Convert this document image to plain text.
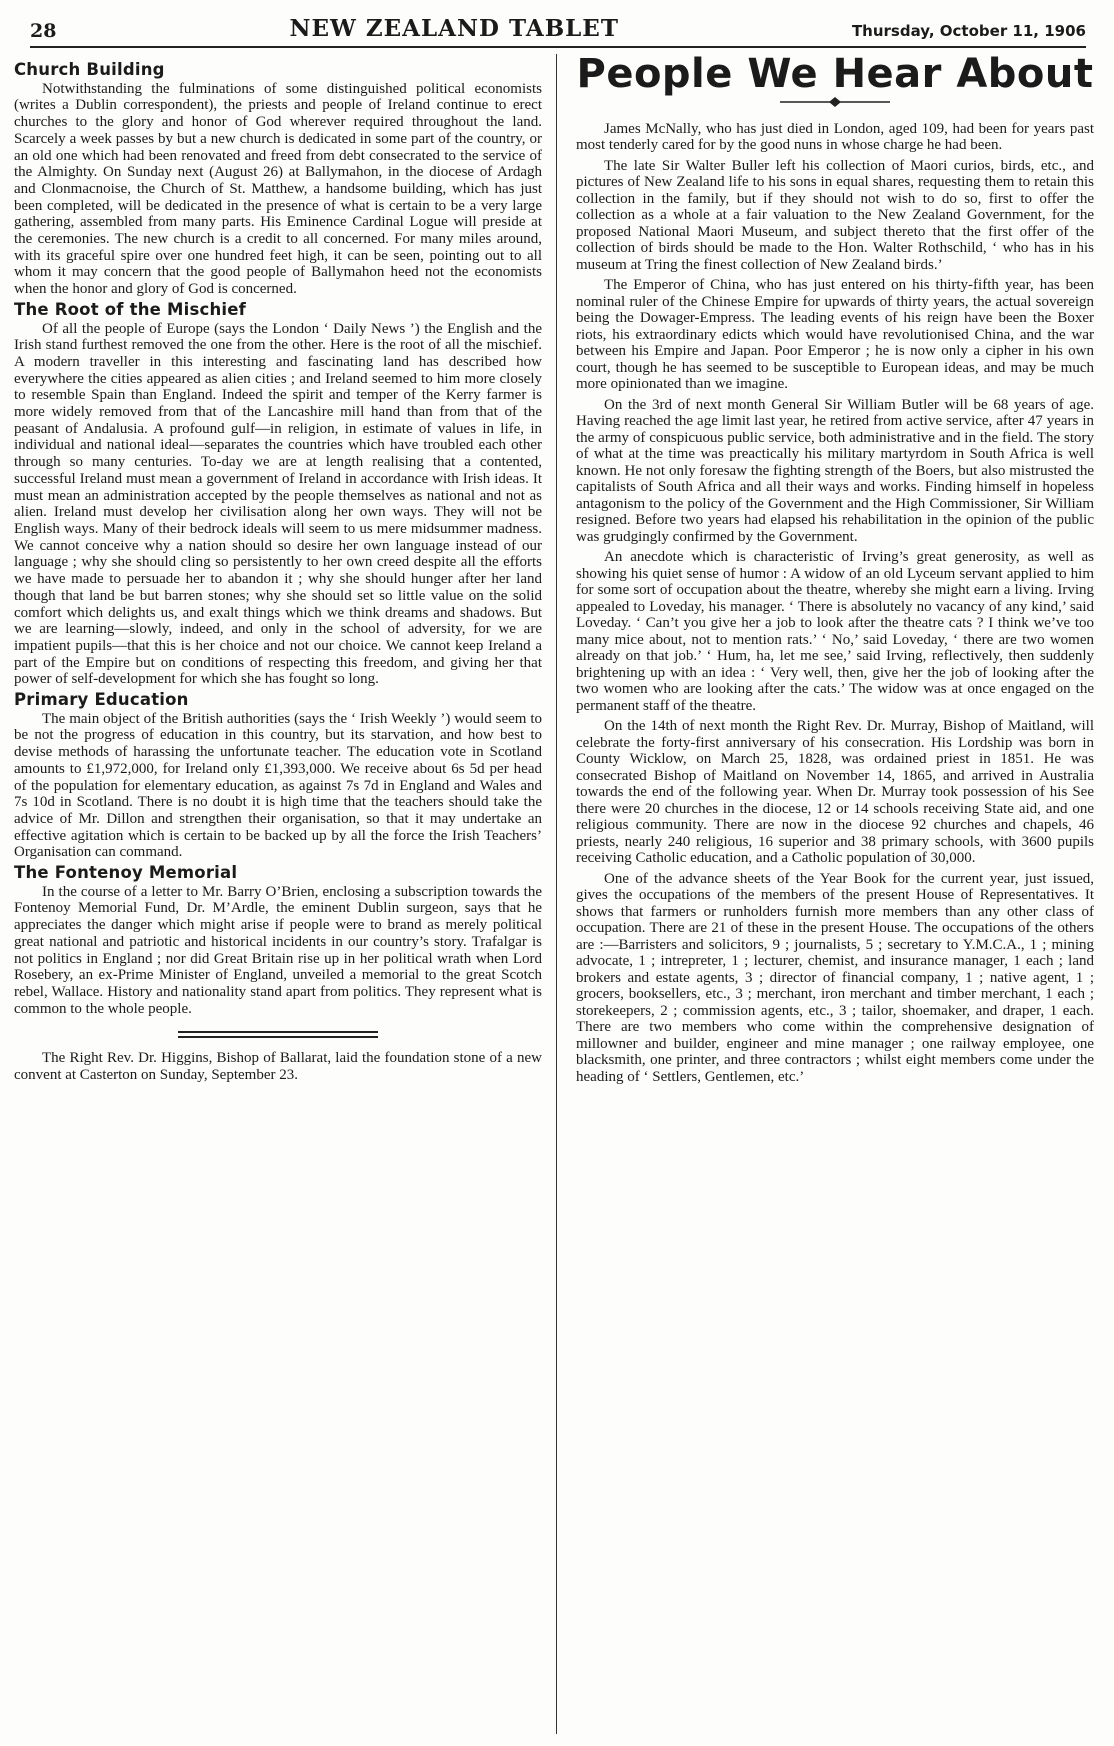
28	NEW ZEALAND TABLET	Thursday, October 11, 1906
Church Building

Notwithstanding the fulminations of some distinguished political economists (writes a Dublin correspondent), the priests and people of Ireland continue to erect churches to the glory and honor of God wherever required throughout the land. Scarcely a week passes by but a new church is dedicated in some part of the country, or an old one which had been renovated and freed from debt consecrated to the service of the Almighty. On Sunday next (August 26) at Ballymahon, in the diocese of Ardagh and Clonmacnoise, the Church of St. Matthew, a handsome building, which has just been completed, will be dedicated in the presence of what is certain to be a very large gathering, assembled from many parts. His Eminence Cardinal Logue will preside at the ceremonies. The new church is a credit to all concerned. For many miles around, with its graceful spire over one hundred feet high, it can be seen, pointing out to all whom it may concern that the good people of Ballymahon heed not the economists when the honor and glory of God is concerned.

The Root of the Mischief

Of all the people of Europe (says the London ‘ Daily News ’) the English and the Irish stand furthest removed the one from the other. Here is the root of all the mischief. A modern traveller in this interesting and fascinating land has described how everywhere the cities appeared as alien cities ; and Ireland seemed to him more closely to resemble Spain than England. Indeed the spirit and temper of the Kerry farmer is more widely removed from that of the Lancashire mill hand than from that of the peasant of Andalusia. A profound gulf—in religion, in estimate of values in life, in individual and national ideal—separates the countries which have troubled each other through so many centuries. To-day we are at length realising that a contented, successful Ireland must mean a government of Ireland in accordance with Irish ideas. It must mean an administration accepted by the people themselves as national and not as alien. Ireland must develop her civilisation along her own ways. They will not be English ways. Many of their bedrock ideals will seem to us mere midsummer madness. We cannot conceive why a nation should so desire her own language instead of our language ; why she should cling so persistently to her own creed despite all the efforts we have made to persuade her to abandon it ; why she should hunger after her land though that land be but barren stones; why she should set so little value on the solid comfort which delights us, and exalt things which we think dreams and shadows. But we are learning—slowly, indeed, and only in the school of adversity, for we are impatient pupils—that this is her choice and not our choice. We cannot keep Ireland a part of the Empire but on conditions of respecting this freedom, and giving her that power of self-development for which she has fought so long.

Primary Education

The main object of the British authorities (says the ‘ Irish Weekly ’) would seem to be not the progress of education in this country, but its starvation, and how best to devise methods of harassing the unfortunate teacher. The education vote in Scotland amounts to £1,972,000, for Ireland only £1,393,000. We receive about 6s 5d per head of the population for elementary education, as against 7s 7d in England and Wales and 7s 10d in Scotland. There is no doubt it is high time that the teachers should take the advice of Mr. Dillon and strengthen their organisation, so that it may undertake an effective agitation which is certain to be backed up by all the force the Irish Teachers’ Organisation can command.

The Fontenoy Memorial

In the course of a letter to Mr. Barry O’Brien, enclosing a subscription towards the Fontenoy Memorial Fund, Dr. M’Ardle, the eminent Dublin surgeon, says that he appreciates the danger which might arise if people were to brand as merely political great national and patriotic and historical incidents in our country’s story. Trafalgar is not politics in England ; nor did Great Britain rise up in her political wrath when Lord Rosebery, an ex-Prime Minister of England, unveiled a memorial to the great Scotch rebel, Wallace. History and nationality stand apart from politics. They represent what is common to the whole people.

The Right Rev. Dr. Higgins, Bishop of Ballarat, laid the foundation stone of a new convent at Casterton on Sunday, September 23.

People We Hear About

James McNally, who has just died in London, aged 109, had been for years past most tenderly cared for by the good nuns in whose charge he had been.

The late Sir Walter Buller left his collection of Maori curios, birds, etc., and pictures of New Zealand life to his sons in equal shares, requesting them to retain this collection in the family, but if they should not wish to do so, first to offer the collection as a whole at a fair valuation to the New Zealand Government, for the proposed National Maori Museum, and subject thereto that the first offer of the collection of birds should be made to the Hon. Walter Rothschild, ‘ who has in his museum at Tring the finest collection of New Zealand birds.’

The Emperor of China, who has just entered on his thirty-fifth year, has been nominal ruler of the Chinese Empire for upwards of thirty years, the actual sovereign being the Dowager-Empress. The leading events of his reign have been the Boxer riots, his extraordinary edicts which would have revolutionised China, and the war between his Empire and Japan. Poor Emperor ; he is now only a cipher in his own court, though he has seemed to be susceptible to European ideas, and may be much more opinionated than we imagine.

On the 3rd of next month General Sir William Butler will be 68 years of age. Having reached the age limit last year, he retired from active service, after 47 years in the army of conspicuous public service, both administrative and in the field. The story of what at the time was preactically his military martyrdom in South Africa is well known. He not only foresaw the fighting strength of the Boers, but also mistrusted the capitalists of South Africa and all their ways and works. Finding himself in hopeless antagonism to the policy of the Government and the High Commissioner, Sir William resigned. Before two years had elapsed his rehabilitation in the opinion of the public was grudgingly confirmed by the Government.

An anecdote which is characteristic of Irving’s great generosity, as well as showing his quiet sense of humor : A widow of an old Lyceum servant applied to him for some sort of occupation about the theatre, whereby she might earn a living. Irving appealed to Loveday, his manager. ‘ There is absolutely no vacancy of any kind,’ said Loveday. ‘ Can’t you give her a job to look after the theatre cats ? I think we’ve too many mice about, not to mention rats.’ ‘ No,’ said Loveday, ‘ there are two women already on that job.’ ‘ Hum, ha, let me see,’ said Irving, reflectively, then suddenly brightening up with an idea : ‘ Very well, then, give her the job of looking after the two women who are looking after the cats.’ The widow was at once engaged on the permanent staff of the theatre.

On the 14th of next month the Right Rev. Dr. Murray, Bishop of Maitland, will celebrate the forty-first anniversary of his consecration. His Lordship was born in County Wicklow, on March 25, 1828, was ordained priest in 1851. He was consecrated Bishop of Maitland on November 14, 1865, and arrived in Australia towards the end of the following year. When Dr. Murray took possession of his See there were 20 churches in the diocese, 12 or 14 schools receiving State aid, and one religious community. There are now in the diocese 92 churches and chapels, 46 priests, nearly 240 religious, 16 superior and 38 primary schools, with 3600 pupils receiving Catholic education, and a Catholic population of 30,000.

One of the advance sheets of the Year Book for the current year, just issued, gives the occupations of the members of the present House of Representatives. It shows that farmers or runholders furnish more members than any other class of occupation. There are 21 of these in the present House. The occupations of the others are :—Barristers and solicitors, 9 ; journalists, 5 ; secretary to Y.M.C.A., 1 ; mining advocate, 1 ; intrepreter, 1 ; lecturer, chemist, and insurance manager, 1 each ; land brokers and estate agents, 3 ; director of financial company, 1 ; native agent, 1 ; grocers, booksellers, etc., 3 ; merchant, iron merchant and timber merchant, 1 each ; storekeepers, 2 ; commission agents, etc., 3 ; tailor, shoemaker, and draper, 1 each. There are two members who come within the comprehensive designation of millowner and builder, engineer and mine manager ; one railway employee, one blacksmith, one printer, and three contractors ; whilst eight members come under the heading of ‘ Settlers, Gentlemen, etc.’
